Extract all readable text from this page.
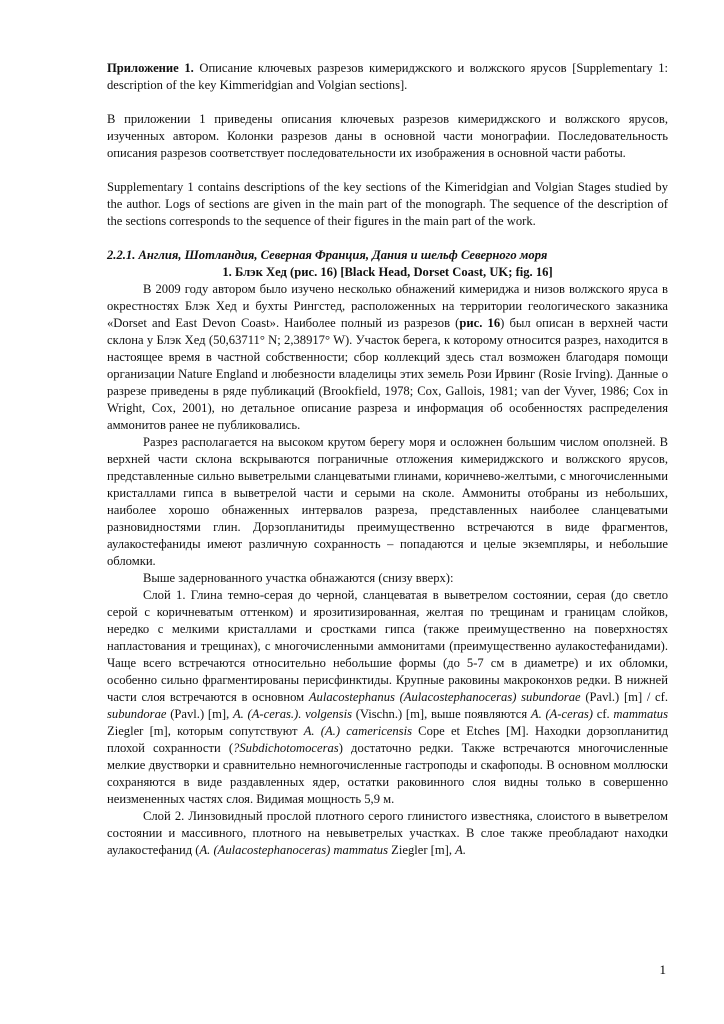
Приложение 1. Описание ключевых разрезов кимериджского и волжского ярусов [Supplementary 1: description of the key Kimmeridgian and Volgian sections].

В приложении 1 приведены описания ключевых разрезов кимериджского и волжского ярусов, изученных автором. Колонки разрезов даны в основной части монографии. Последовательность описания разрезов соответствует последовательности их изображения в основной части работы.

Supplementary 1 contains descriptions of the key sections of the Kimeridgian and Volgian Stages studied by the author. Logs of sections are given in the main part of the monograph. The sequence of the description of the sections corresponds to the sequence of their figures in the main part of the work.

2.2.1. Англия, Шотландия, Северная Франция, Дания и шельф Северного моря

1. Блэк Хед (рис. 16) [Black Head, Dorset Coast, UK; fig. 16]

В 2009 году автором было изучено несколько обнажений кимериджа и низов волжского яруса в окрестностях Блэк Хед и бухты Рингстед, расположенных на территории геологического заказника «Dorset and East Devon Coast». Наиболее полный из разрезов (рис. 16) был описан в верхней части склона у Блэк Хед (50,63711° N; 2,38917° W). Участок берега, к которому относится разрез, находится в настоящее время в частной собственности; сбор коллекций здесь стал возможен благодаря помощи организации Nature England и любезности владелицы этих земель Рози Ирвинг (Rosie Irving). Данные о разрезе приведены в ряде публикаций (Brookfield, 1978; Cox, Gallois, 1981; van der Vyver, 1986; Cox in Wright, Cox, 2001), но детальное описание разреза и информация об особенностях распределения аммонитов ранее не публиковались.

Разрез располагается на высоком крутом берегу моря и осложнен большим числом оползней. В верхней части склона вскрываются пограничные отложения кимериджского и волжского ярусов, представленные сильно выветрелыми сланцеватыми глинами, коричнево-желтыми, с многочисленными кристаллами гипса в выветрелой части и серыми на сколе. Аммониты отобраны из небольших, наиболее хорошо обнаженных интервалов разреза, представленных наиболее сланцеватыми разновидностями глин. Дорзопланитиды преимущественно встречаются в виде фрагментов, аулакостефаниды имеют различную сохранность – попадаются и целые экземпляры, и небольшие обломки.

Выше задернованного участка обнажаются (снизу вверх):

Слой 1. Глина темно-серая до черной, сланцеватая в выветрелом состоянии, серая (до светло серой с коричневатым оттенком) и ярозитизированная, желтая по трещинам и границам слойков, нередко с мелкими кристаллами и сростками гипса (также преимущественно на поверхностях напластования и трещинах), с многочисленными аммонитами (преимущественно аулакостефанидами). Чаще всего встречаются относительно небольшие формы (до 5-7 см в диаметре) и их обломки, особенно сильно фрагментированы перисфинктиды. Крупные раковины макроконхов редки. В нижней части слоя встречаются в основном Aulacostephanus (Aulacostephanoceras) subundorae (Pavl.) [m] / cf. subundorae (Pavl.) [m], A. (A-ceras.). volgensis (Vischn.) [m], выше появляются A. (A-ceras) cf. mammatus Ziegler [m], которым сопутствуют A. (A.) camericensis Cope et Etches [M]. Находки дорзопланитид плохой сохранности (?Subdichotomoceras) достаточно редки. Также встречаются многочисленные мелкие двустворки и сравнительно немногочисленные гастроподы и скафоподы. В основном моллюски сохраняются в виде раздавленных ядер, остатки раковинного слоя видны только в совершенно неизмененных частях слоя. Видимая мощность 5,9 м.

Слой 2. Линзовидный прослой плотного серого глинистого известняка, слоистого в выветрелом состоянии и массивного, плотного на невыветрелых участках. В слое также преобладают находки аулакостефанид (A. (Aulacostephanoceras) mammatus Ziegler [m], A.

1
